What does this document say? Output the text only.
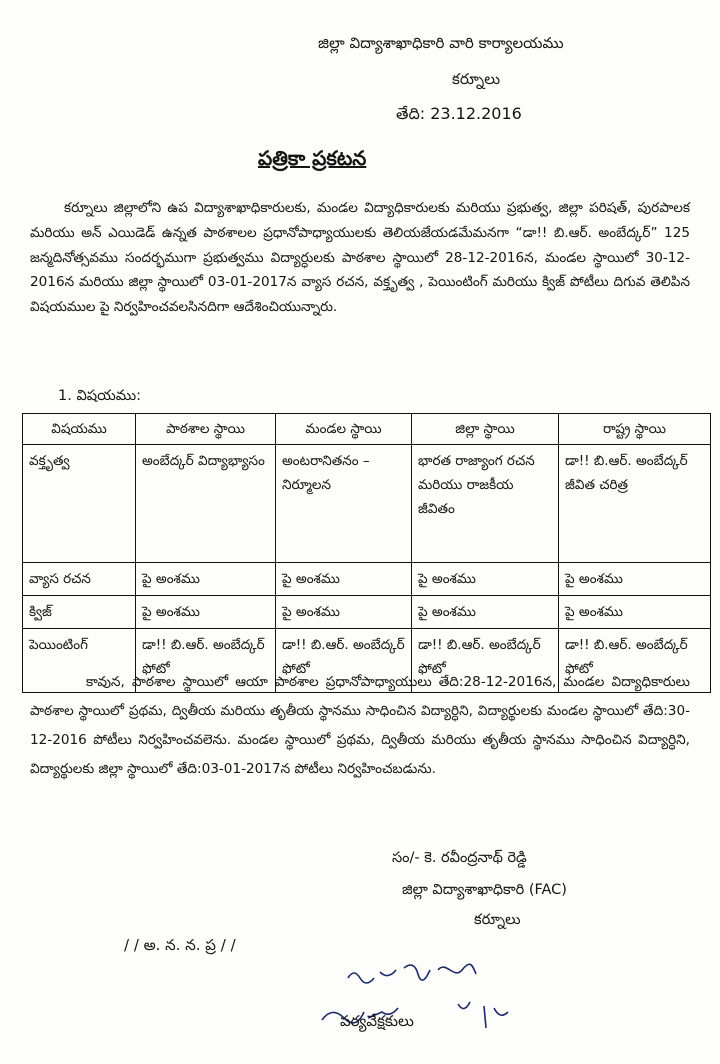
జిల్లా విద్యాశాఖాధికారి వారి కార్యాలయము
కర్నూలు
తేది: 23.12.2016
పత్రికా ప్రకటన
కర్నూలు జిల్లాలోని ఉప విద్యాశాఖాధికారులకు, మండల విద్యాధికారులకు మరియు ప్రభుత్వ, జిల్లా పరిషత్, పురపాలక మరియు అన్ ఎయిడెడ్ ఉన్నత పాఠశాలల ప్రధానోపాధ్యాయులకు తెలియజేయడమేమనగా “డా!! బి.ఆర్. అంబేద్కర్” 125 జన్మదినోత్సవము సందర్భముగా ప్రభుత్వము విద్యార్ధులకు పాఠశాల స్థాయిలో 28-12-2016న, మండల స్థాయిలో 30-12-2016న మరియు జిల్లా స్థాయిలో 03-01-2017న వ్యాస రచన, వక్తృత్వ , పెయింటింగ్ మరియు క్విజ్ పోటీలు దిగువ తెలిపిన విషయముల పై నిర్వహించవలసినదిగా ఆదేశించియున్నారు.
1. విషయము:
విషయము	పాఠశాల స్థాయి	మండల స్థాయి	జిల్లా స్థాయి	రాష్ట్ర స్థాయి
వక్తృత్వ	అంబేద్కర్ విద్యాభ్యాసం	అంటరానితనం – నిర్మూలన	భారత రాజ్యాంగ రచన మరియు రాజకీయ జీవితం	డా!! బి.ఆర్. అంబేద్కర్ జీవిత చరిత్ర
వ్యాస రచన	పై అంశము	పై అంశము	పై అంశము	పై అంశము
క్విజ్	పై అంశము	పై అంశము	పై అంశము	పై అంశము
పెయింటింగ్	డా!! బి.ఆర్. అంబేద్కర్ ఫోటో	డా!! బి.ఆర్. అంబేద్కర్ ఫోటో	డా!! బి.ఆర్. అంబేద్కర్ ఫోటో	డా!! బి.ఆర్. అంబేద్కర్ ఫోటో
కావున, పాఠశాల స్థాయిలో ఆయా పాఠశాల ప్రధానోపాధ్యాయులు తేది:28-12-2016న, మండల విద్యాధికారులు పాఠశాల స్థాయిలో ప్రథమ, ద్వితీయ మరియు తృతీయ స్థానము సాధించిన విద్యార్ధిని, విద్యార్థులకు మండల స్థాయిలో తేది:30-12-2016 పోటీలు నిర్వహించవలెను. మండల స్థాయిలో ప్రథమ, ద్వితీయ మరియు తృతీయ స్థానము సాధించిన విద్యార్ధిని, విద్యార్థులకు జిల్లా స్థాయిలో తేది:03-01-2017న పోటీలు నిర్వహించబడును.
సం/- కె. రవీంద్రనాథ్ రెడ్డి
జిల్లా విద్యాశాఖాధికారి (FAC)
కర్నూలు
/ / అ. న. న. ప్ర / /
పర్యవేక్షకులు
